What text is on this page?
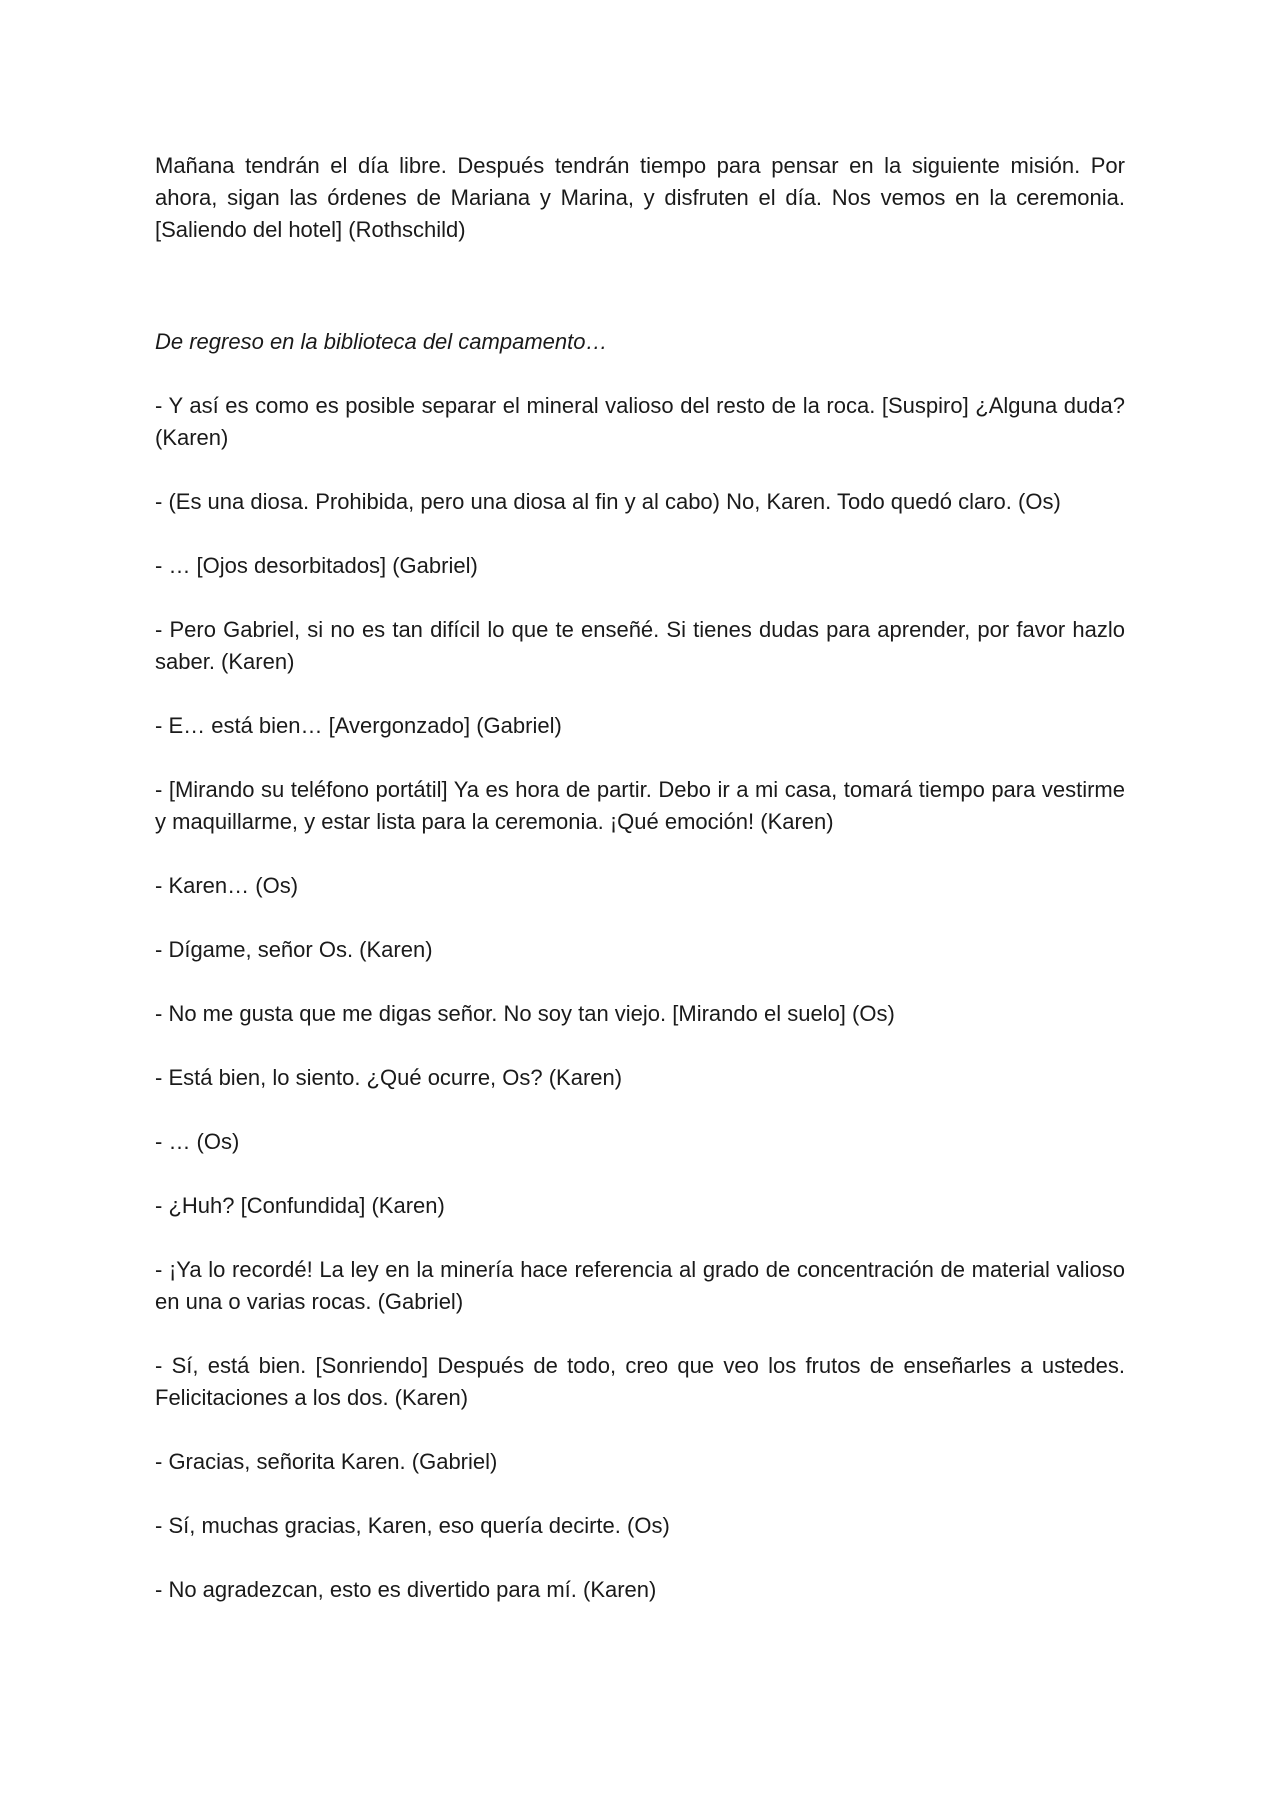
Mañana tendrán el día libre. Después tendrán tiempo para pensar en la siguiente misión. Por ahora, sigan las órdenes de Mariana y Marina, y disfruten el día. Nos vemos en la ceremonia. [Saliendo del hotel] (Rothschild)

De regreso en la biblioteca del campamento…

- Y así es como es posible separar el mineral valioso del resto de la roca. [Suspiro] ¿Alguna duda? (Karen)

- (Es una diosa. Prohibida, pero una diosa al fin y al cabo) No, Karen. Todo quedó claro. (Os)

- … [Ojos desorbitados] (Gabriel)

- Pero Gabriel, si no es tan difícil lo que te enseñé. Si tienes dudas para aprender, por favor hazlo saber. (Karen)

- E… está bien… [Avergonzado] (Gabriel)

- [Mirando su teléfono portátil] Ya es hora de partir. Debo ir a mi casa, tomará tiempo para vestirme y maquillarme, y estar lista para la ceremonia. ¡Qué emoción! (Karen)

- Karen… (Os)

- Dígame, señor Os. (Karen)

- No me gusta que me digas señor. No soy tan viejo. [Mirando el suelo] (Os)

- Está bien, lo siento. ¿Qué ocurre, Os? (Karen)

- … (Os)

- ¿Huh? [Confundida] (Karen)

- ¡Ya lo recordé! La ley en la minería hace referencia al grado de concentración de material valioso en una o varias rocas. (Gabriel)

- Sí, está bien. [Sonriendo] Después de todo, creo que veo los frutos de enseñarles a ustedes. Felicitaciones a los dos. (Karen)

- Gracias, señorita Karen. (Gabriel)

- Sí, muchas gracias, Karen, eso quería decirte. (Os)

- No agradezcan, esto es divertido para mí. (Karen)
